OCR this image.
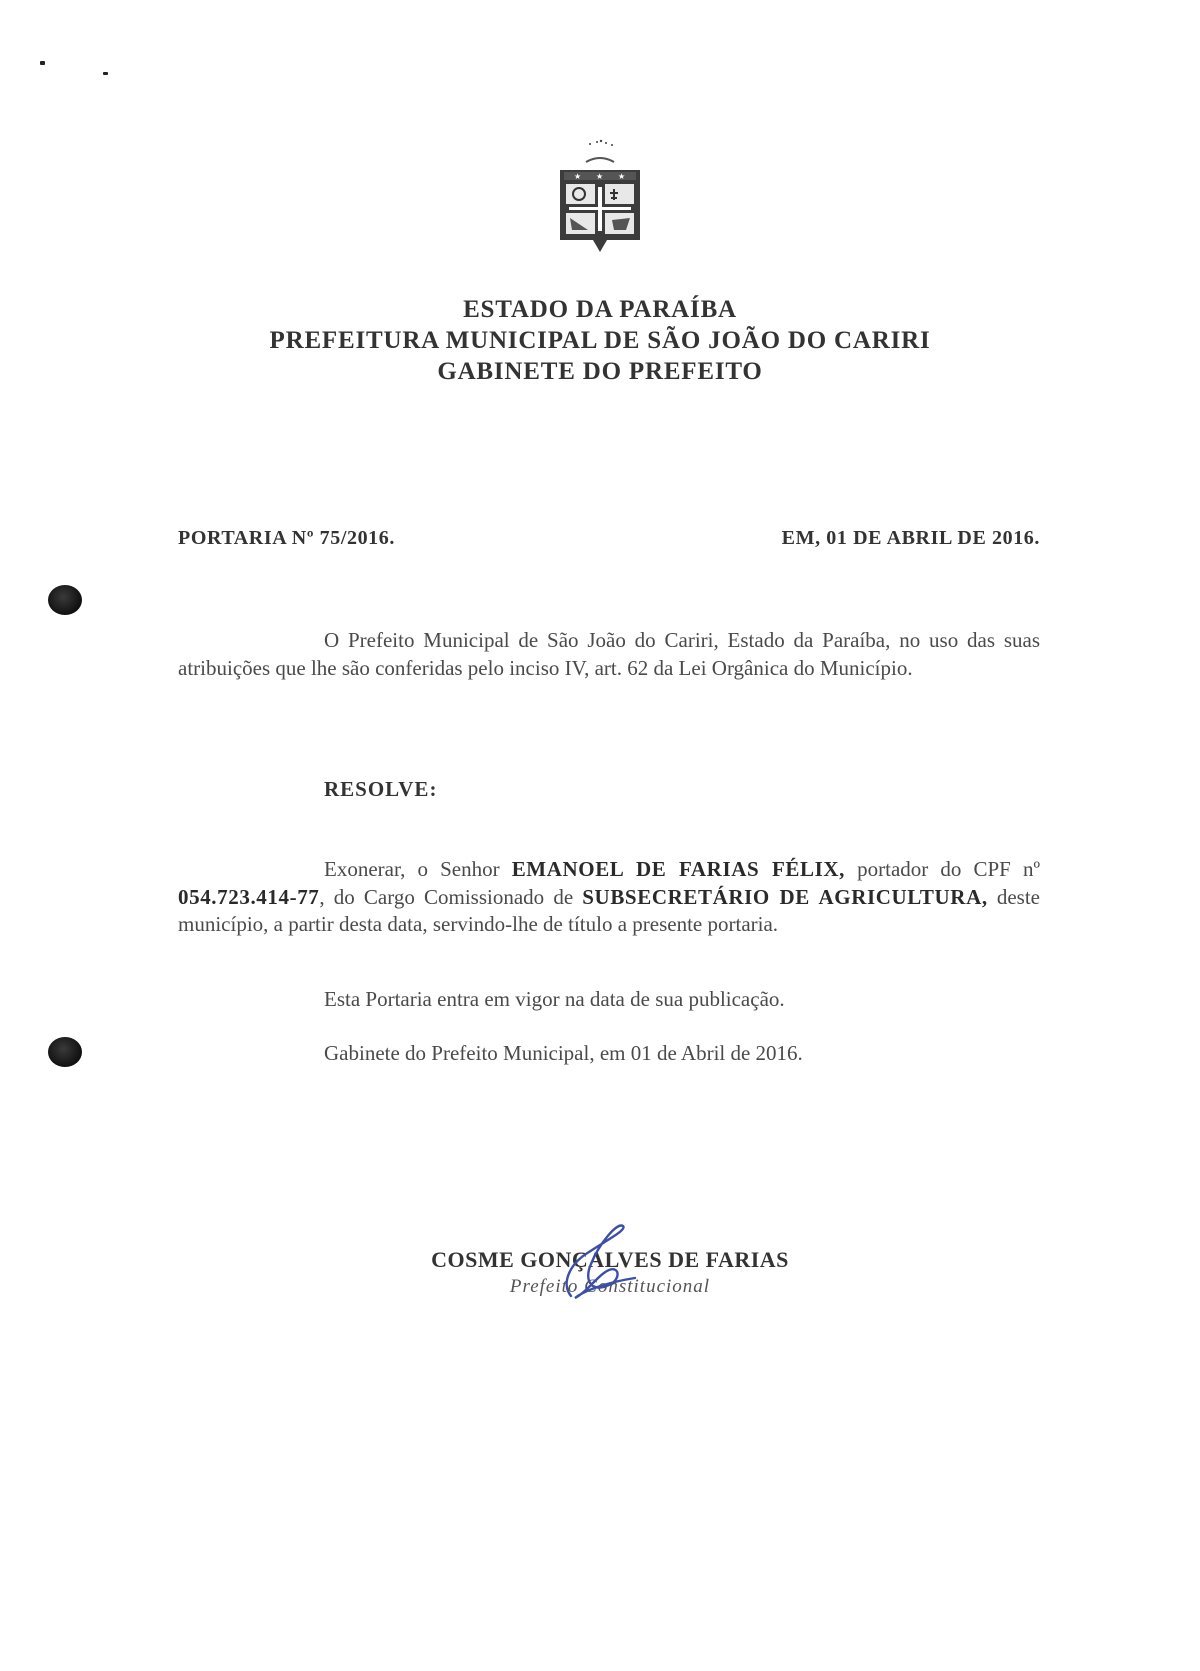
★ ★ ★
ESTADO DA PARAÍBA
PREFEITURA MUNICIPAL DE SÃO JOÃO DO CARIRI
GABINETE DO PREFEITO
PORTARIA Nº 75/2016.	EM, 01 DE ABRIL DE 2016.
O Prefeito Municipal de São João do Cariri, Estado da Paraíba, no uso das suas atribuições que lhe são conferidas pelo inciso IV, art. 62 da Lei Orgânica do Município.
RESOLVE:
Exonerar, o Senhor EMANOEL DE FARIAS FÉLIX, portador do CPF nº 054.723.414-77, do Cargo Comissionado de SUBSECRETÁRIO DE AGRICULTURA, deste município, a partir desta data, servindo-lhe de título a presente portaria.
Esta Portaria entra em vigor na data de sua publicação.
Gabinete do Prefeito Municipal, em 01 de Abril de 2016.
COSME GONÇALVES DE FARIAS
Prefeito Constitucional
